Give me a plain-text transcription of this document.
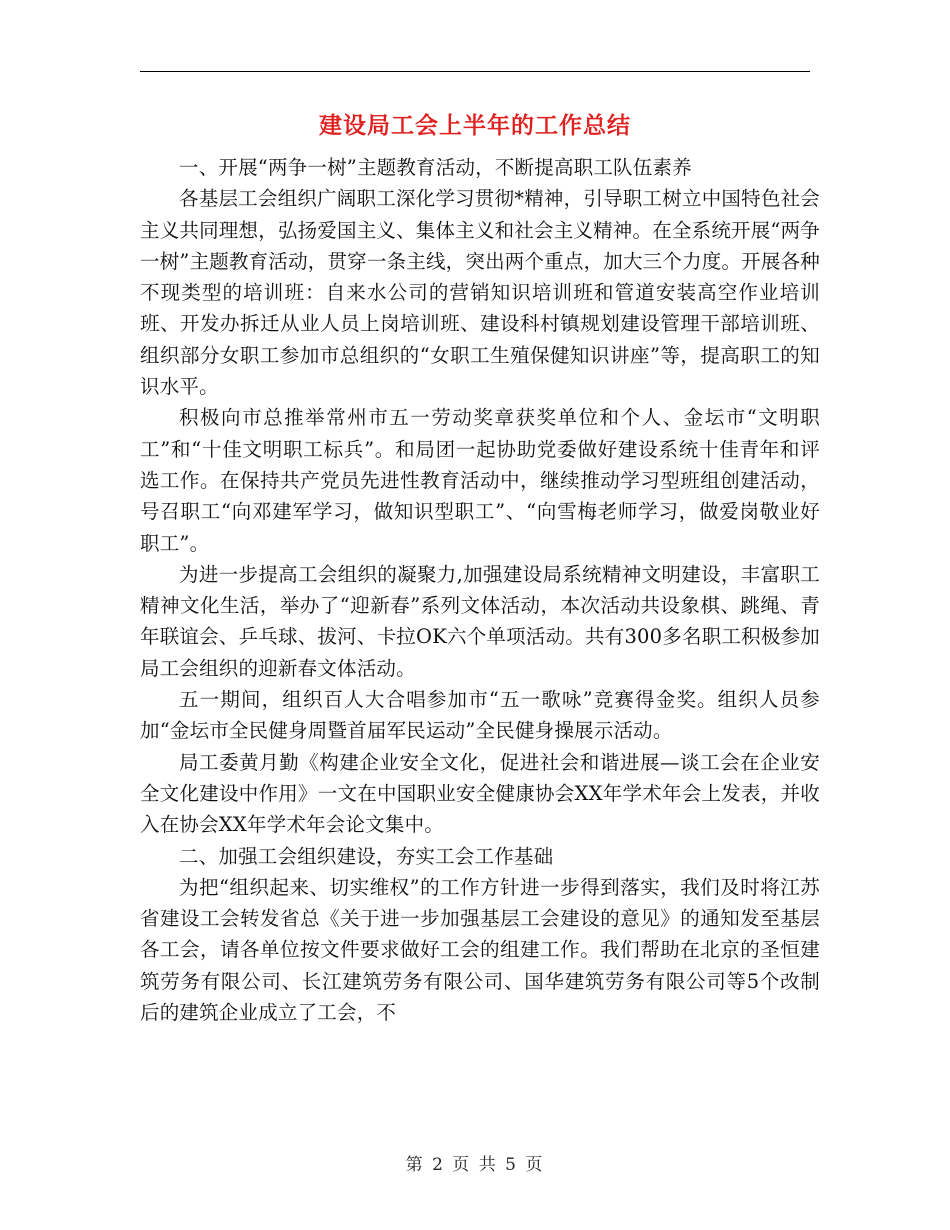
建设局工会上半年的工作总结

一、开展“两争一树”主题教育活动，不断提高职工队伍素养

各基层工会组织广阔职工深化学习贯彻*精神，引导职工树立中国特色社会主义共同理想，弘扬爱国主义、集体主义和社会主义精神。在全系统开展“两争一树”主题教育活动，贯穿一条主线，突出两个重点，加大三个力度。开展各种不现类型的培训班：自来水公司的营销知识培训班和管道安装高空作业培训班、开发办拆迁从业人员上岗培训班、建设科村镇规划建设管理干部培训班、组织部分女职工参加市总组织的“女职工生殖保健知识讲座”等，提高职工的知识水平。

积极向市总推举常州市五一劳动奖章获奖单位和个人、金坛市“文明职工”和“十佳文明职工标兵”。和局团一起协助党委做好建设系统十佳青年和评选工作。在保持共产党员先进性教育活动中，继续推动学习型班组创建活动，号召职工“向邓建军学习，做知识型职工”、“向雪梅老师学习，做爱岗敬业好职工”。

为进一步提高工会组织的凝聚力,加强建设局系统精神文明建设，丰富职工精神文化生活，举办了“迎新春”系列文体活动，本次活动共设象棋、跳绳、青年联谊会、乒乓球、拔河、卡拉OK六个单项活动。共有300多名职工积极参加局工会组织的迎新春文体活动。

五一期间，组织百人大合唱参加市“五一歌咏”竞赛得金奖。组织人员参加“金坛市全民健身周暨首届军民运动”全民健身操展示活动。

局工委黄月勤《构建企业安全文化，促进社会和谐进展—谈工会在企业安全文化建设中作用》一文在中国职业安全健康协会XX年学术年会上发表，并收入在协会XX年学术年会论文集中。

二、加强工会组织建设，夯实工会工作基础

为把“组织起来、切实维权”的工作方针进一步得到落实，我们及时将江苏省建设工会转发省总《关于进一步加强基层工会建设的意见》的通知发至基层各工会，请各单位按文件要求做好工会的组建工作。我们帮助在北京的圣恒建筑劳务有限公司、长江建筑劳务有限公司、国华建筑劳务有限公司等5个改制后的建筑企业成立了工会，不

第 2 页 共 5 页
